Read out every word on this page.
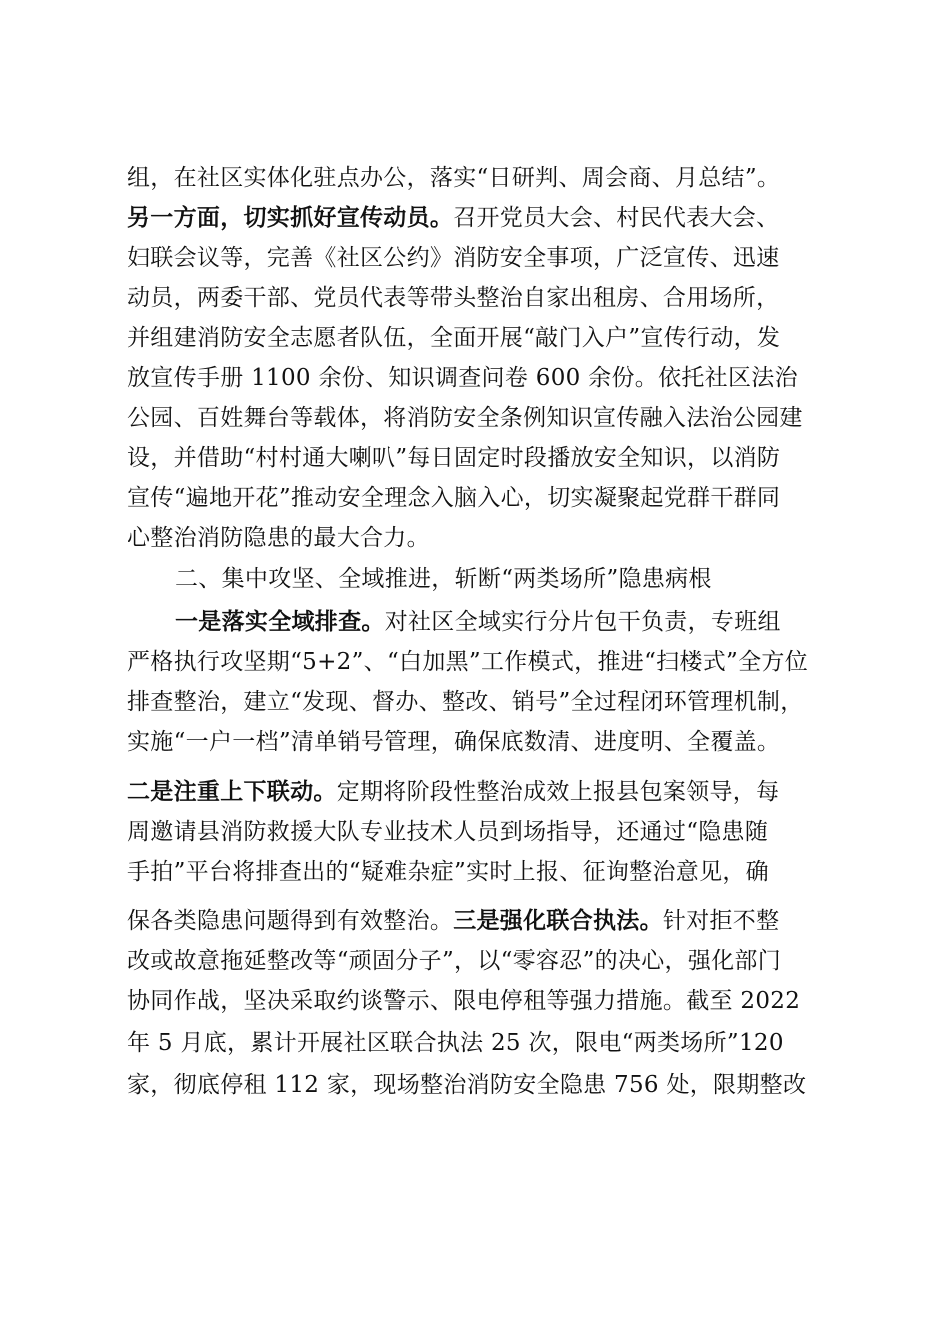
组，在社区实体化驻点办公，落实“日研判、周会商、月总结”。
另一方面，切实抓好宣传动员。召开党员大会、村民代表大会、
妇联会议等，完善《社区公约》消防安全事项，广泛宣传、迅速
动员，两委干部、党员代表等带头整治自家出租房、合用场所，
并组建消防安全志愿者队伍，全面开展“敲门入户”宣传行动，发
放宣传手册 1100 余份、知识调查问卷 600 余份。依托社区法治
公园、百姓舞台等载体，将消防安全条例知识宣传融入法治公园建
设，并借助“村村通大喇叭”每日固定时段播放安全知识，以消防
宣传“遍地开花”推动安全理念入脑入心，切实凝聚起党群干群同
心整治消防隐患的最大合力。
二、集中攻坚、全域推进，斩断“两类场所”隐患病根
一是落实全域排查。对社区全域实行分片包干负责，专班组
严格执行攻坚期“5+2”、“白加黑”工作模式，推进“扫楼式”全方位
排查整治，建立“发现、督办、整改、销号”全过程闭环管理机制，
实施“一户一档”清单销号管理，确保底数清、进度明、全覆盖。
二是注重上下联动。定期将阶段性整治成效上报县包案领导，每
周邀请县消防救援大队专业技术人员到场指导，还通过“隐患随
手拍”平台将排查出的“疑难杂症”实时上报、征询整治意见，确
保各类隐患问题得到有效整治。三是强化联合执法。针对拒不整
改或故意拖延整改等“顽固分子”，以“零容忍”的决心，强化部门
协同作战，坚决采取约谈警示、限电停租等强力措施。截至 2022
年 5 月底，累计开展社区联合执法 25 次，限电“两类场所”120
家，彻底停租 112 家，现场整治消防安全隐患 756 处，限期整改
